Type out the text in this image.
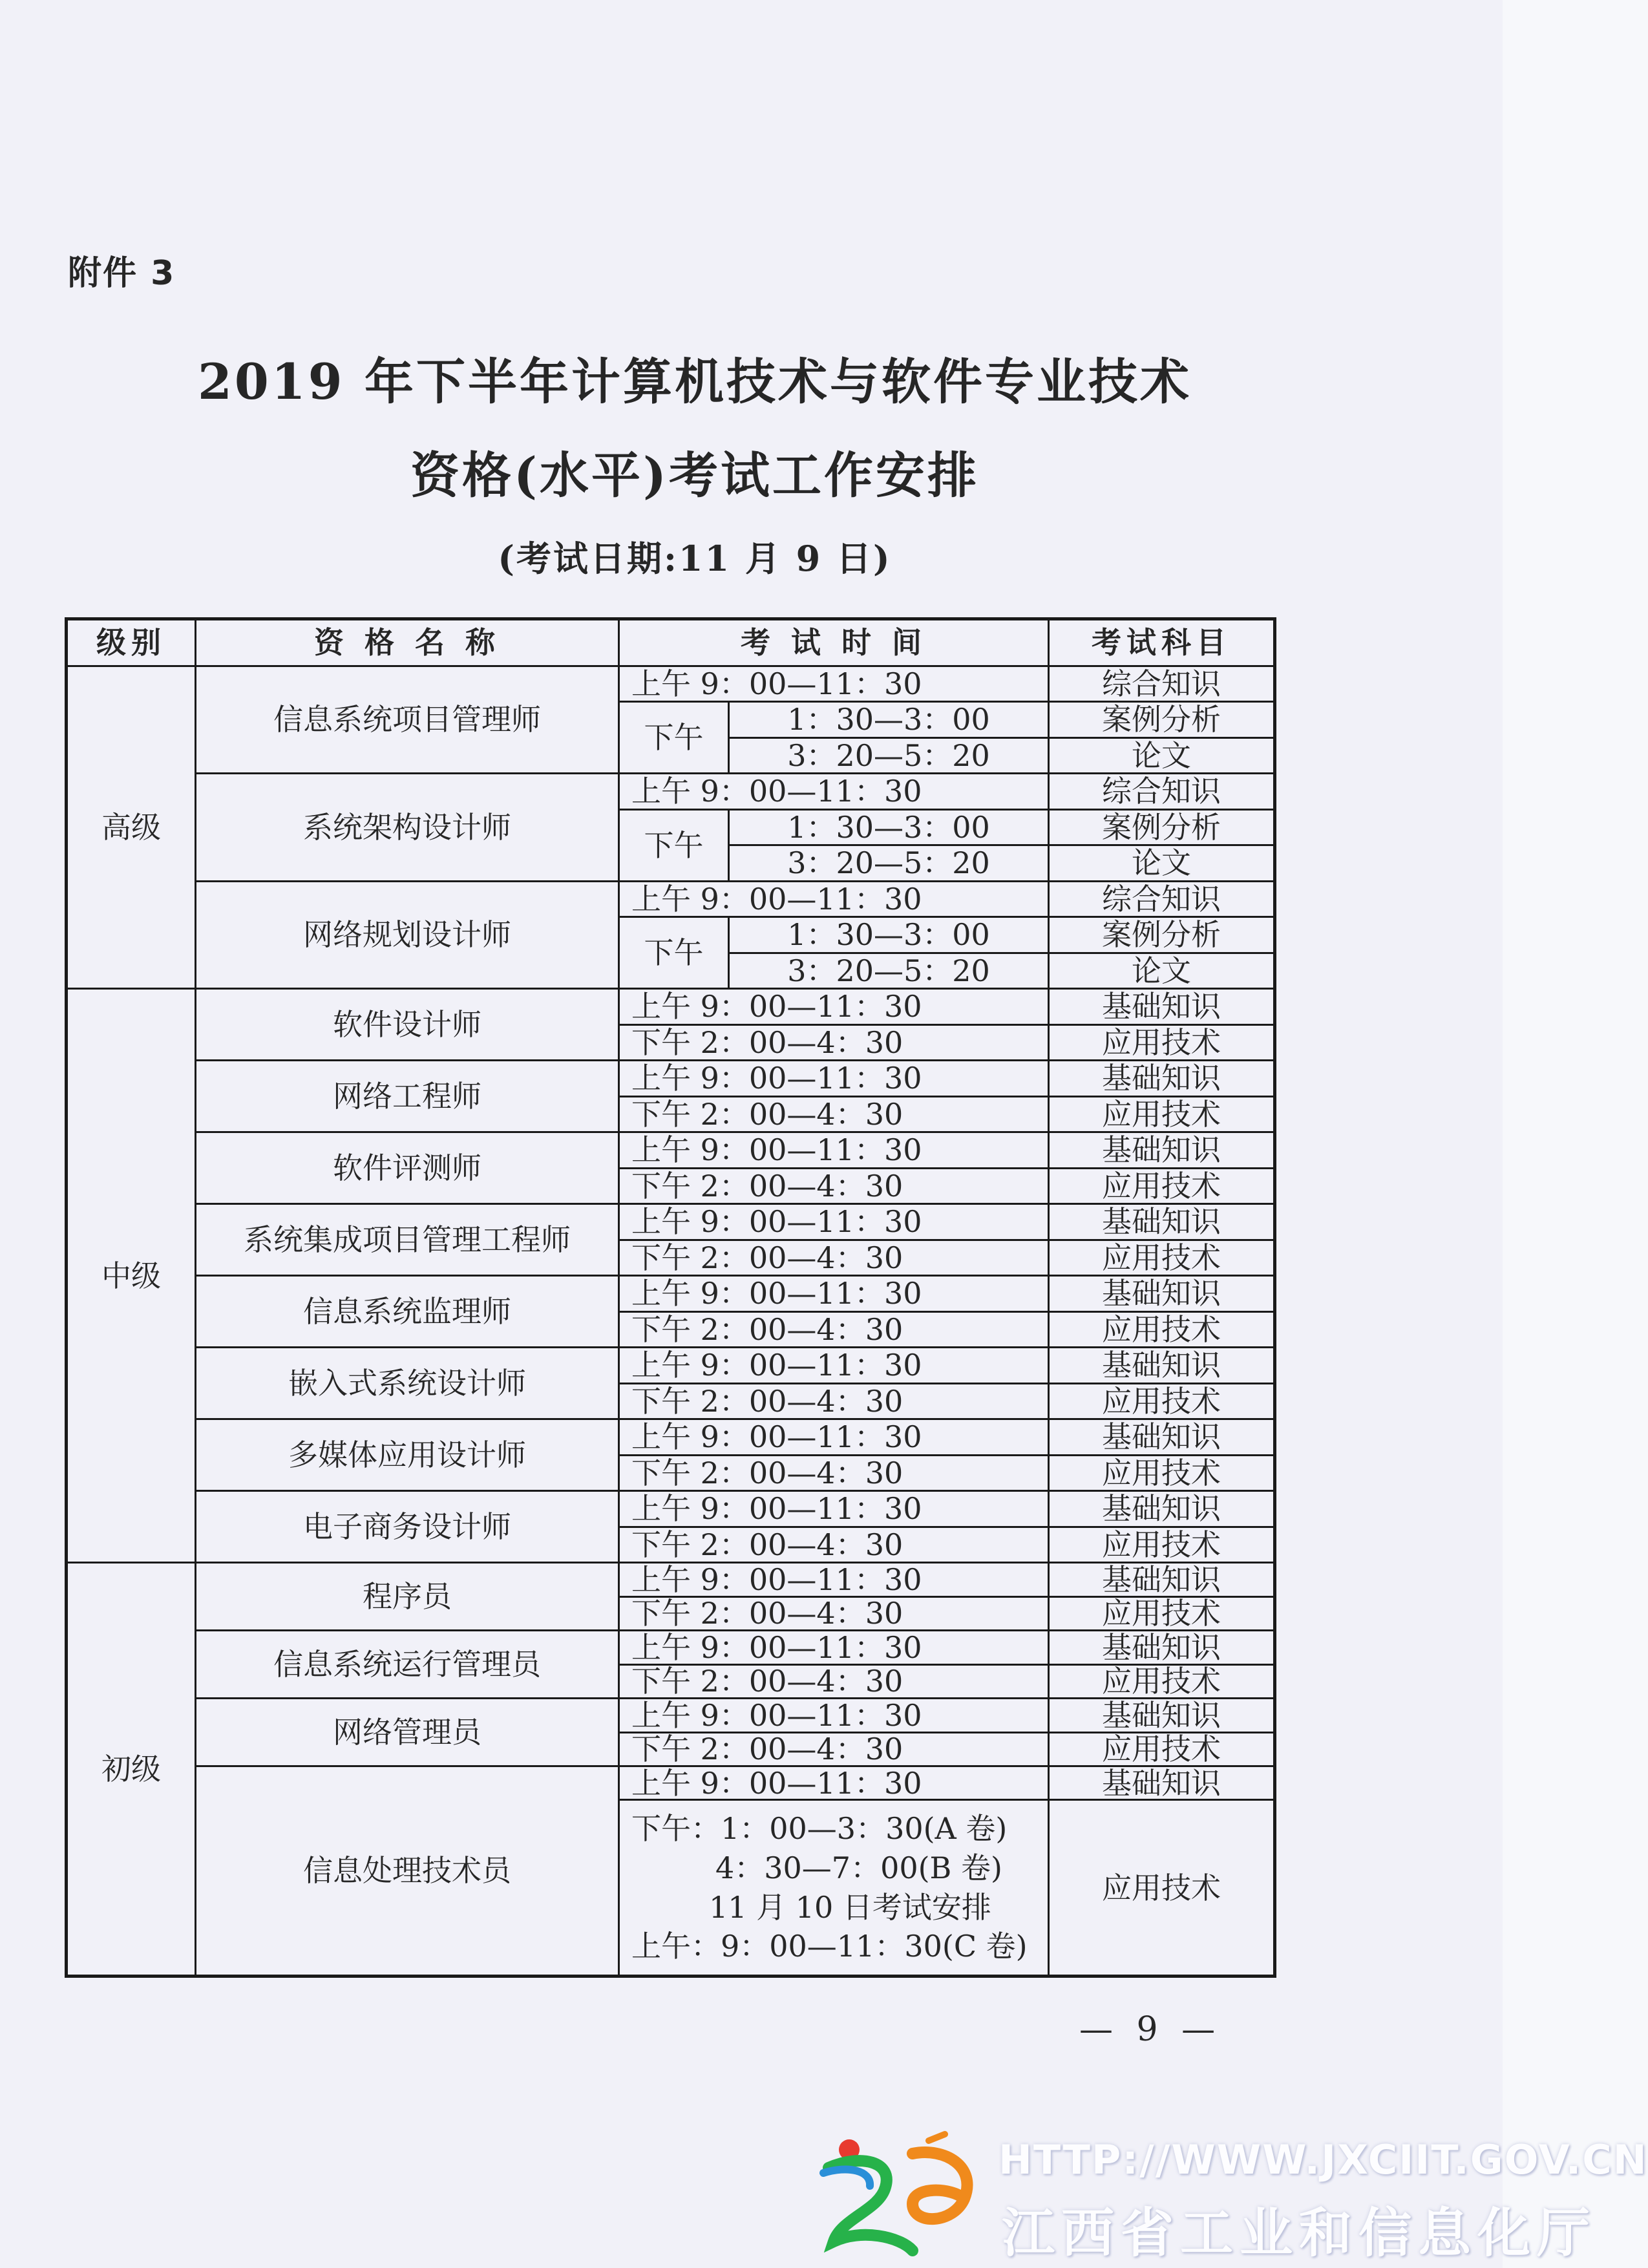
附件 3
2019 年下半年计算机技术与软件专业技术
资格(水平)考试工作安排
(考试日期:11 月 9 日)
级别	资 格 名 称	考 试 时 间		考试科目
高级	信息系统项目管理师	上午 9：00—11：30		综合知识
		下午	1：30—3：00	案例分析
			3：20—5：20	论文
	系统架构设计师	上午 9：00—11：30		综合知识
		下午	1：30—3：00	案例分析
			3：20—5：20	论文
	网络规划设计师	上午 9：00—11：30		综合知识
		下午	1：30—3：00	案例分析
			3：20—5：20	论文
中级	软件设计师	上午 9：00—11：30		基础知识
		下午 2：00—4：30		应用技术
	网络工程师	上午 9：00—11：30		基础知识
		下午 2：00—4：30		应用技术
	软件评测师	上午 9：00—11：30		基础知识
		下午 2：00—4：30		应用技术
	系统集成项目管理工程师	上午 9：00—11：30		基础知识
		下午 2：00—4：30		应用技术
	信息系统监理师	上午 9：00—11：30		基础知识
		下午 2：00—4：30		应用技术
	嵌入式系统设计师	上午 9：00—11：30		基础知识
		下午 2：00—4：30		应用技术
	多媒体应用设计师	上午 9：00—11：30		基础知识
		下午 2：00—4：30		应用技术
	电子商务设计师	上午 9：00—11：30		基础知识
		下午 2：00—4：30		应用技术
初级	程序员	上午 9：00—11：30		基础知识
		下午 2：00—4：30		应用技术
	信息系统运行管理员	上午 9：00—11：30		基础知识
		下午 2：00—4：30		应用技术
	网络管理员	上午 9：00—11：30		基础知识
		下午 2：00—4：30		应用技术
	信息处理技术员	上午 9：00—11：30		基础知识

		下午：1：00—3：30(A 卷)
4：30—7：00(B 卷)
11 月 10 日考试安排
上午：9：00—11：30(C 卷)		应用技术
— 9 —
HTTP://WWW.JXCIIT.GOV.CN
江西省工业和信息化厅
